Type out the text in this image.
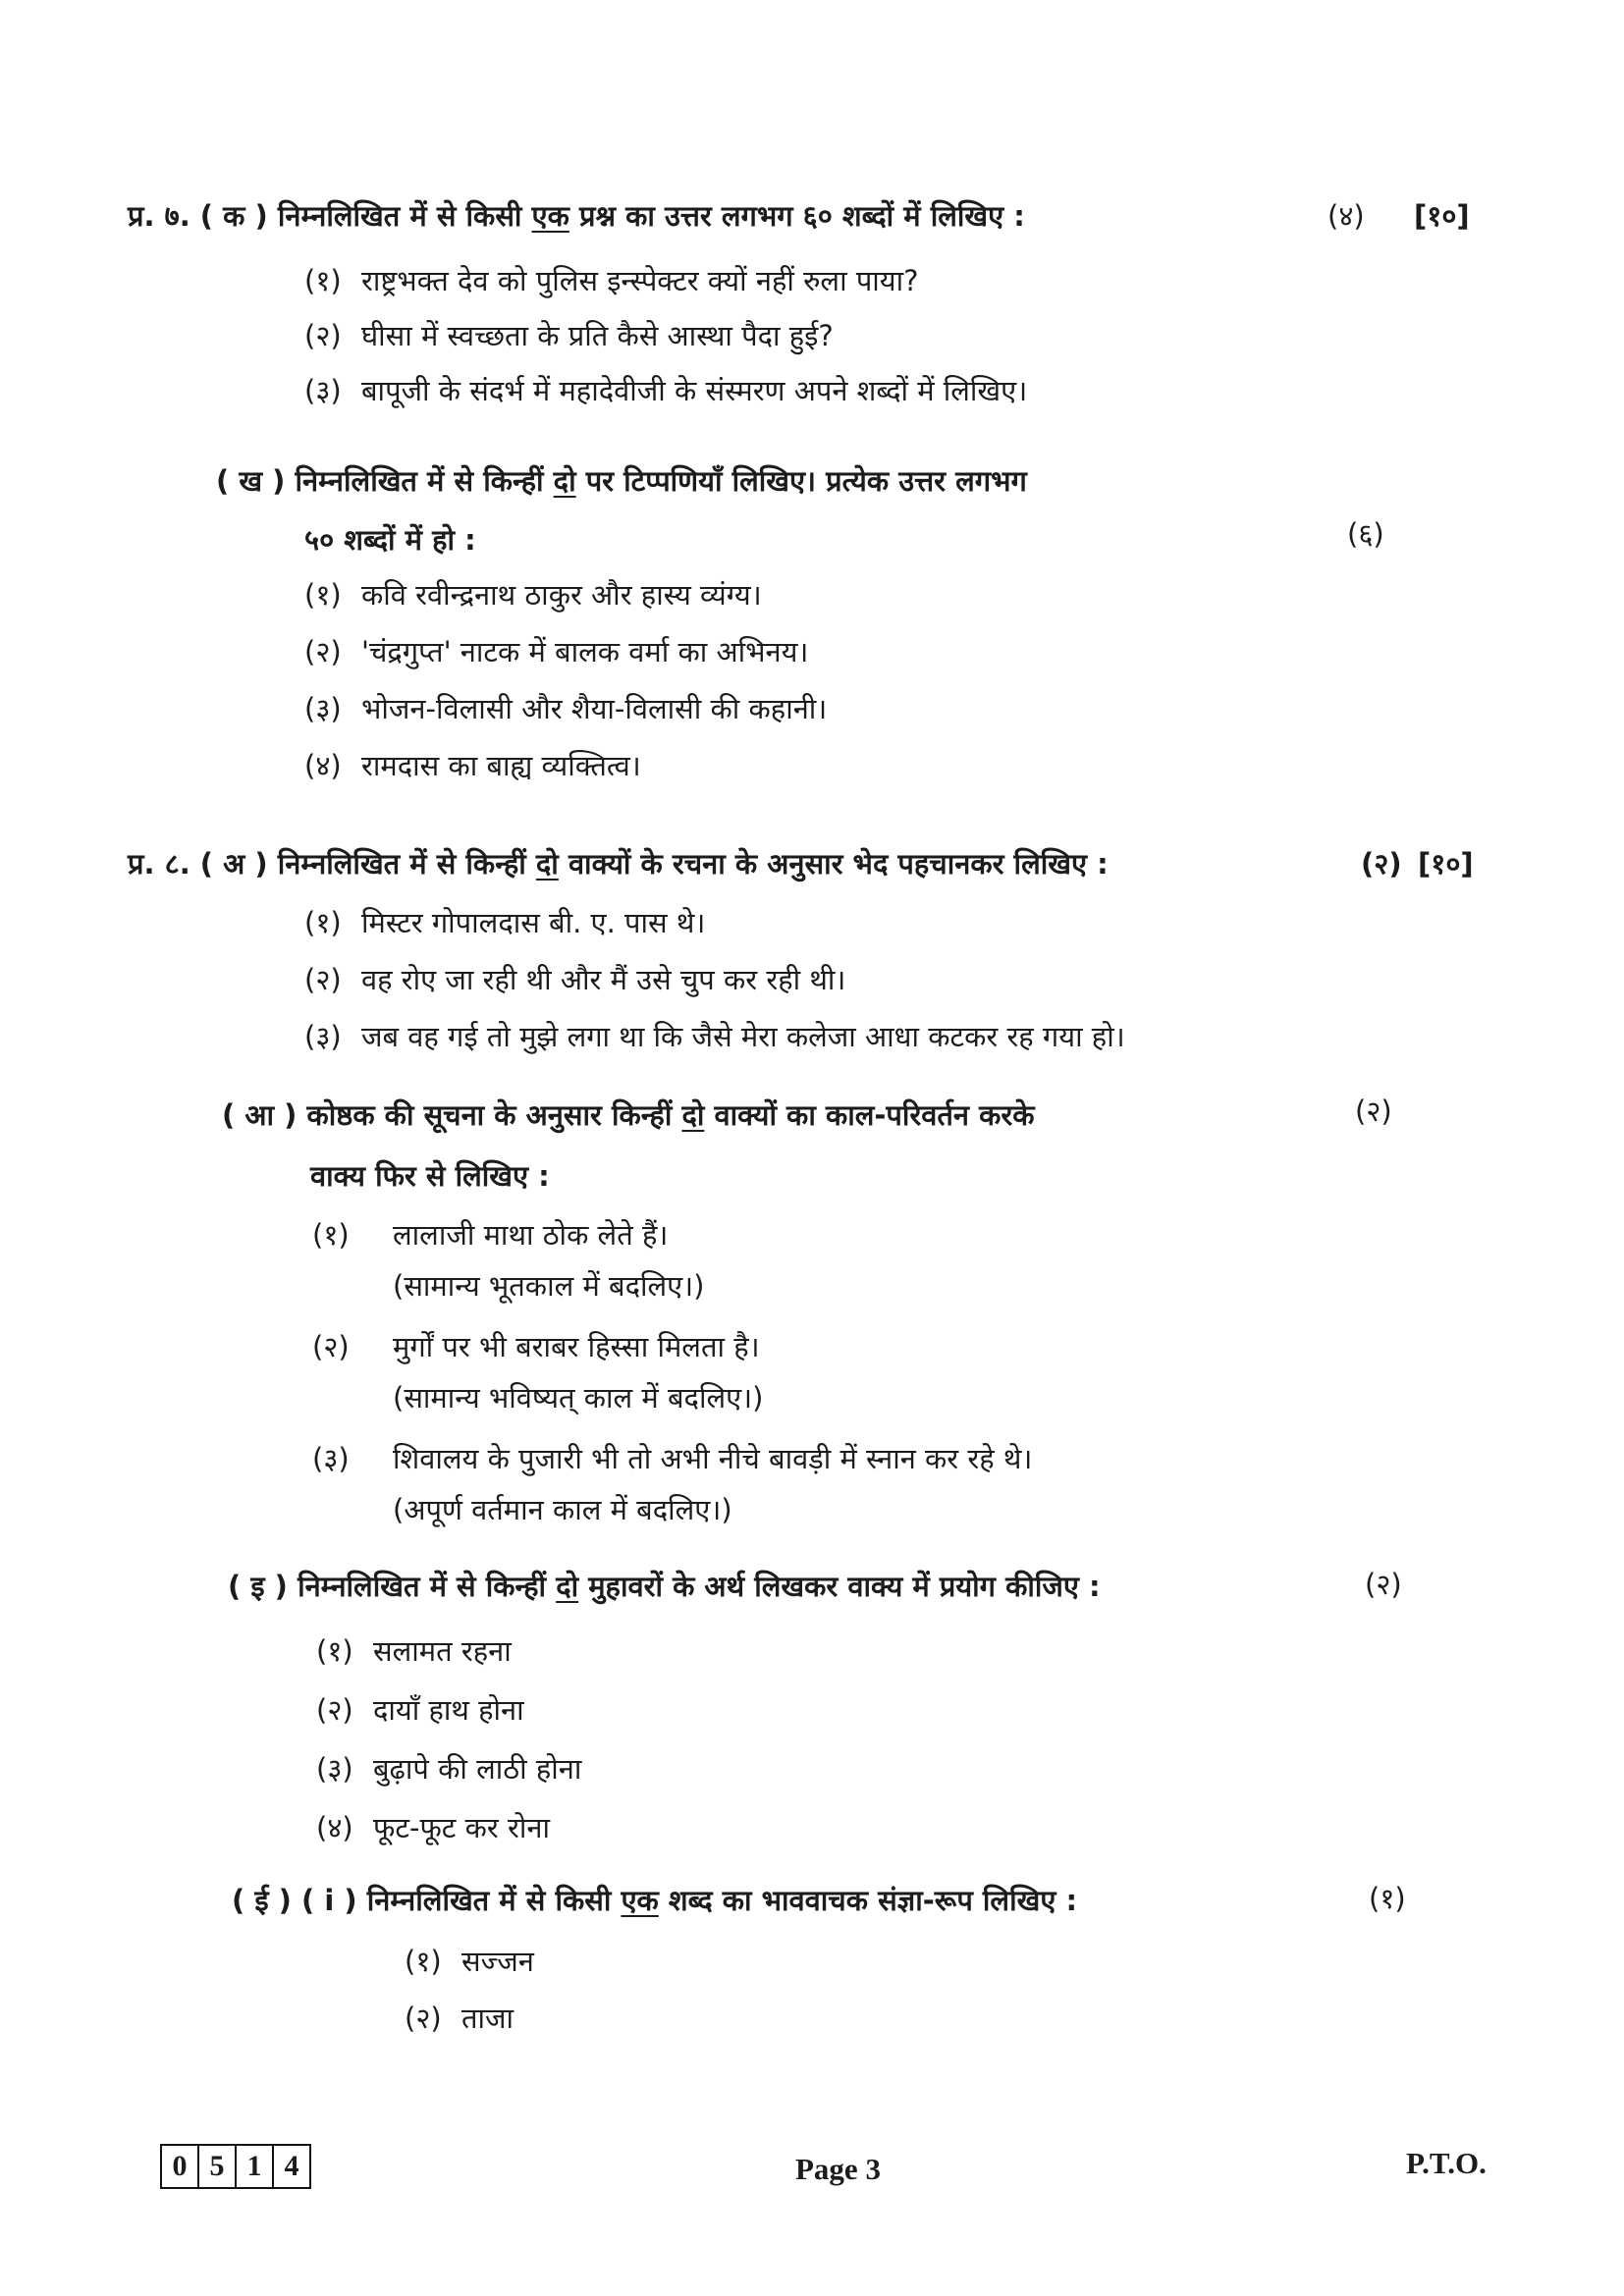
प्र. ७. ( क ) निम्नलिखित में से किसी एक प्रश्न का उत्तर लगभग ६० शब्दों में लिखिए :	(४) [१०]
(१) राष्ट्रभक्त देव को पुलिस इन्स्पेक्टर क्यों नहीं रुला पाया?
(२) घीसा में स्वच्छता के प्रति कैसे आस्था पैदा हुई?
(३) बापूजी के संदर्भ में महादेवीजी के संस्मरण अपने शब्दों में लिखिए।
( ख ) निम्नलिखित में से किन्हीं दो पर टिप्पणियाँ लिखिए। प्रत्येक उत्तर लगभग
५० शब्दों में हो :	(६)
(१) कवि रवीन्द्रनाथ ठाकुर और हास्य व्यंग्य।
(२) 'चंद्रगुप्त' नाटक में बालक वर्मा का अभिनय।
(३) भोजन-विलासी और शैया-विलासी की कहानी।
(४) रामदास का बाह्य व्यक्तित्व।
प्र. ८. ( अ ) निम्नलिखित में से किन्हीं दो वाक्यों के रचना के अनुसार भेद पहचानकर लिखिए :	(२) [१०]
(१) मिस्टर गोपालदास बी. ए. पास थे।
(२) वह रोए जा रही थी और मैं उसे चुप कर रही थी।
(३) जब वह गई तो मुझे लगा था कि जैसे मेरा कलेजा आधा कटकर रह गया हो।
( आ ) कोष्ठक की सूचना के अनुसार किन्हीं दो वाक्यों का काल-परिवर्तन करके	(२)
वाक्य फिर से लिखिए :
(१) लालाजी माथा ठोक लेते हैं।
(सामान्य भूतकाल में बदलिए।)
(२) मुर्गों पर भी बराबर हिस्सा मिलता है।
(सामान्य भविष्यत् काल में बदलिए।)
(३) शिवालय के पुजारी भी तो अभी नीचे बावड़ी में स्नान कर रहे थे।
(अपूर्ण वर्तमान काल में बदलिए।)
( इ ) निम्नलिखित में से किन्हीं दो मुहावरों के अर्थ लिखकर वाक्य में प्रयोग कीजिए :	(२)
(१) सलामत रहना
(२) दायाँ हाथ होना
(३) बुढ़ापे की लाठी होना
(४) फूट-फूट कर रोना
( ई ) ( i ) निम्नलिखित में से किसी एक शब्द का भाववाचक संज्ञा-रूप लिखिए :	(१)
(१) सज्जन
(२) ताजा
0 5 1 4	Page 3	P.T.O.
